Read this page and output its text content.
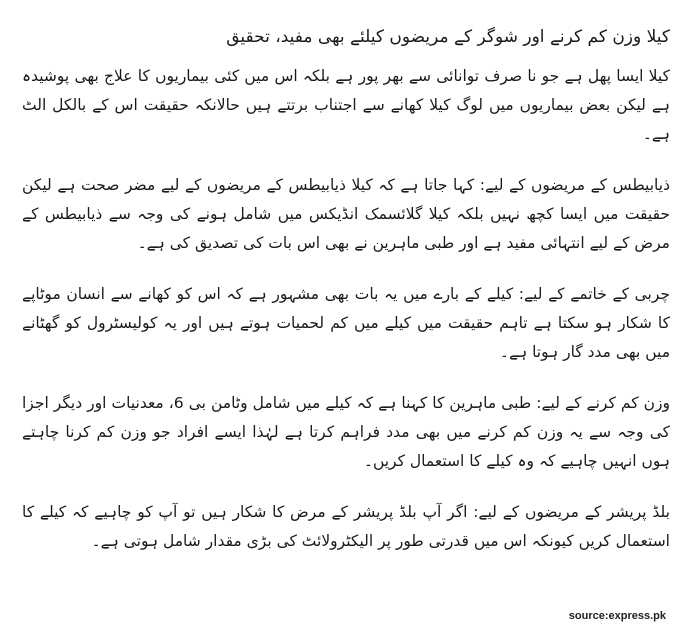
کیلا وزن کم کرنے اور شوگر کے مریضوں کیلئے بھی مفید، تحقیق

کیلا ایسا پھل ہے جو نا صرف توانائی سے بھر پور ہے بلکہ اس میں کئی بیماریوں کا علاج بھی پوشیدہ ہے لیکن بعض بیماریوں میں لوگ کیلا کھانے سے اجتناب برتتے ہیں حالانکہ حقیقت اس کے بالکل الٹ ہے۔

ذیابیطس کے مریضوں کے لیے: کہا جاتا ہے کہ کیلا ذیابیطس کے مریضوں کے لیے مضر صحت ہے لیکن حقیقت میں ایسا کچھ نہیں بلکہ کیلا گلائسمک انڈیکس میں شامل ہونے کی وجہ سے ذیابیطس کے مرض کے لیے انتہائی مفید ہے اور طبی ماہرین نے بھی اس بات کی تصدیق کی ہے۔

چربی کے خاتمے کے لیے: کیلے کے بارے میں یہ بات بھی مشہور ہے کہ اس کو کھانے سے انسان موٹاپے کا شکار ہو سکتا ہے تاہم حقیقت میں کیلے میں کم لحمیات ہوتے ہیں اور یہ کولیسٹرول کو گھٹانے میں بھی مدد گار ہوتا ہے۔

وزن کم کرنے کے لیے: طبی ماہرین کا کہنا ہے کہ کیلے میں شامل وٹامن بی 6، معدنیات اور دیگر اجزا کی وجہ سے یہ وزن کم کرنے میں بھی مدد فراہم کرتا ہے لہٰذا ایسے افراد جو وزن کم کرنا چاہتے ہوں انہیں چاہیے کہ وہ کیلے کا استعمال کریں۔

بلڈ پریشر کے مریضوں کے لیے: اگر آپ بلڈ پریشر کے مرض کا شکار ہیں تو آپ کو چاہیے کہ کیلے کا استعمال کریں کیونکہ اس میں قدرتی طور پر الیکٹرولائٹ کی بڑی مقدار شامل ہوتی ہے۔

source:express.pk
